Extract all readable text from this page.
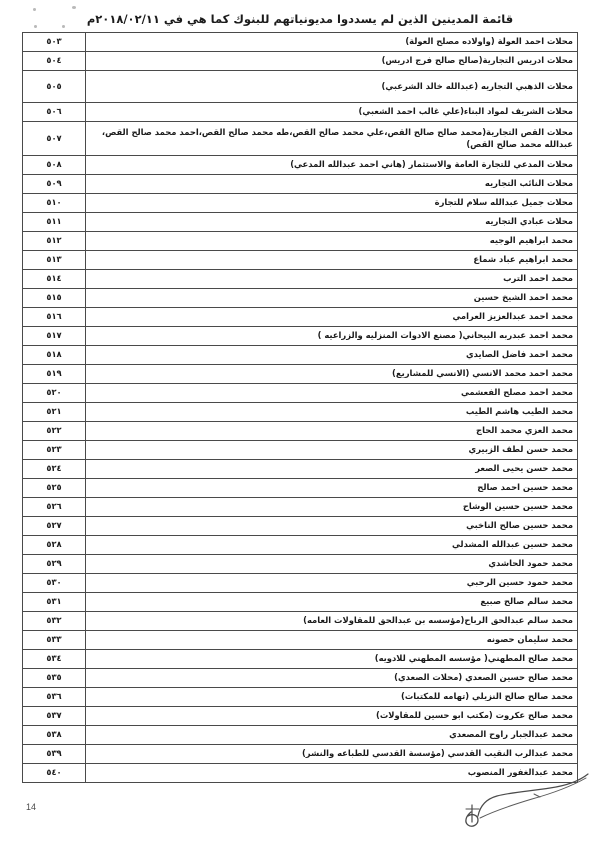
قائمة المدينين الذين لم يسددوا مديونياتهم للبنوك كما هي في ٢٠١٨/٠٢/١١م
محلات احمد العولة (واولاده مصلح العولة)	٥٠٣
محلات ادريس التجارية(صالح صالح فرج ادريس)	٥٠٤
محلات الذهبي التجاريه (عبدالله خالد الشرعبي)	٥٠٥
محلات الشريف لمواد البناء(علي غالب احمد الشعبي)	٥٠٦
محلات القص التجارية(محمد صالح صالح القص،علي محمد صالح القص،طه محمد صالح القص،احمد محمد صالح القص، عبدالله محمد صالح القص)	٥٠٧
محلات المدعي للتجارة العامة والاستثمار (هاني احمد عبدالله المدعي)	٥٠٨
محلات النائب التجاريه	٥٠٩
محلات جميل عبدالله سلام للتجارة	٥١٠
محلات عبادي التجاريه	٥١١
محمد ابراهيم الوجيه	٥١٢
محمد ابراهيم عباد شماع	٥١٣
محمد احمد الترب	٥١٤
محمد احمد الشيخ حسين	٥١٥
محمد احمد عبدالعزيز العرامي	٥١٦
محمد احمد عبدربه البيحاني( مصنع الادوات المنزليه والزراعيه )	٥١٧
محمد احمد فاضل الصايدي	٥١٨
محمد احمد محمد الانسي (الانسي للمشاريع)	٥١٩
محمد احمد مصلح الفعشمي	٥٢٠
محمد الطيب هاشم الطيب	٥٢١
محمد العزي محمد الحاج	٥٢٢
محمد حسن لطف الزبيري	٥٢٣
محمد حسن يحيى الصعر	٥٢٤
محمد حسين احمد صالح	٥٢٥
محمد حسين حسين الوشاح	٥٢٦
محمد حسين صالح الناخبي	٥٢٧
محمد حسين عبدالله المشدلي	٥٢٨
محمد حمود الحاشدي	٥٢٩
محمد حمود حسين الرحبي	٥٣٠
محمد سالم صالح صبيع	٥٣١
محمد سالم عبدالحق الرباح(مؤسسه بن عبدالحق للمقاولات العامه)	٥٣٢
محمد سليمان حصونه	٥٣٣
محمد صالح المطهني( مؤسسه المطهني للادويه)	٥٣٤
محمد صالح حسين الصعدي (محلات الصعدي)	٥٣٥
محمد صالح صالح النزيلي (تهامه للمكتبات)	٥٣٦
محمد صالح عكروت (مكتب ابو حسين للمقاولات)	٥٣٧
محمد عبدالجبار راوح المصعدي	٥٣٨
محمد عبدالرب النقيب القدسي (مؤسسة القدسي للطباعه والنشر)	٥٣٩
محمد عبدالغفور المنصوب	٥٤٠
14
